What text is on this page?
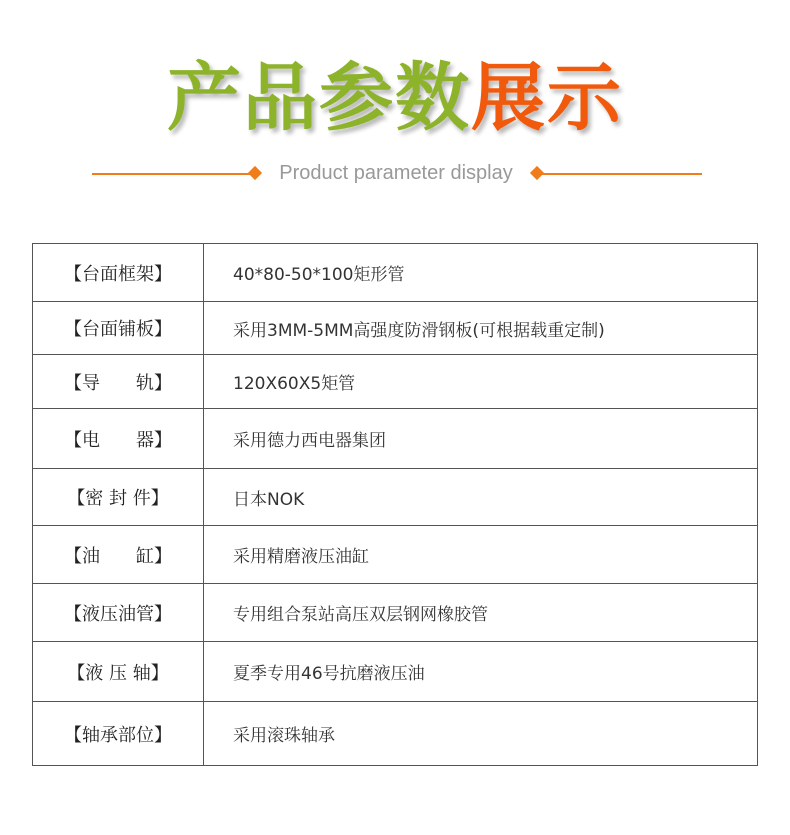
产品参数展示
Product parameter display
【台面框架】	40*80-50*100矩形管
【台面铺板】	采用3MM-5MM高强度防滑钢板(可根据载重定制)
【导　　轨】	120X60X5矩管
【电　　器】	采用德力西电器集团
【密 封 件】	日本NOK
【油　　缸】	采用精磨液压油缸
【液压油管】	专用组合泵站高压双层钢网橡胶管
【液 压 轴】	夏季专用46号抗磨液压油
【轴承部位】	采用滚珠轴承
